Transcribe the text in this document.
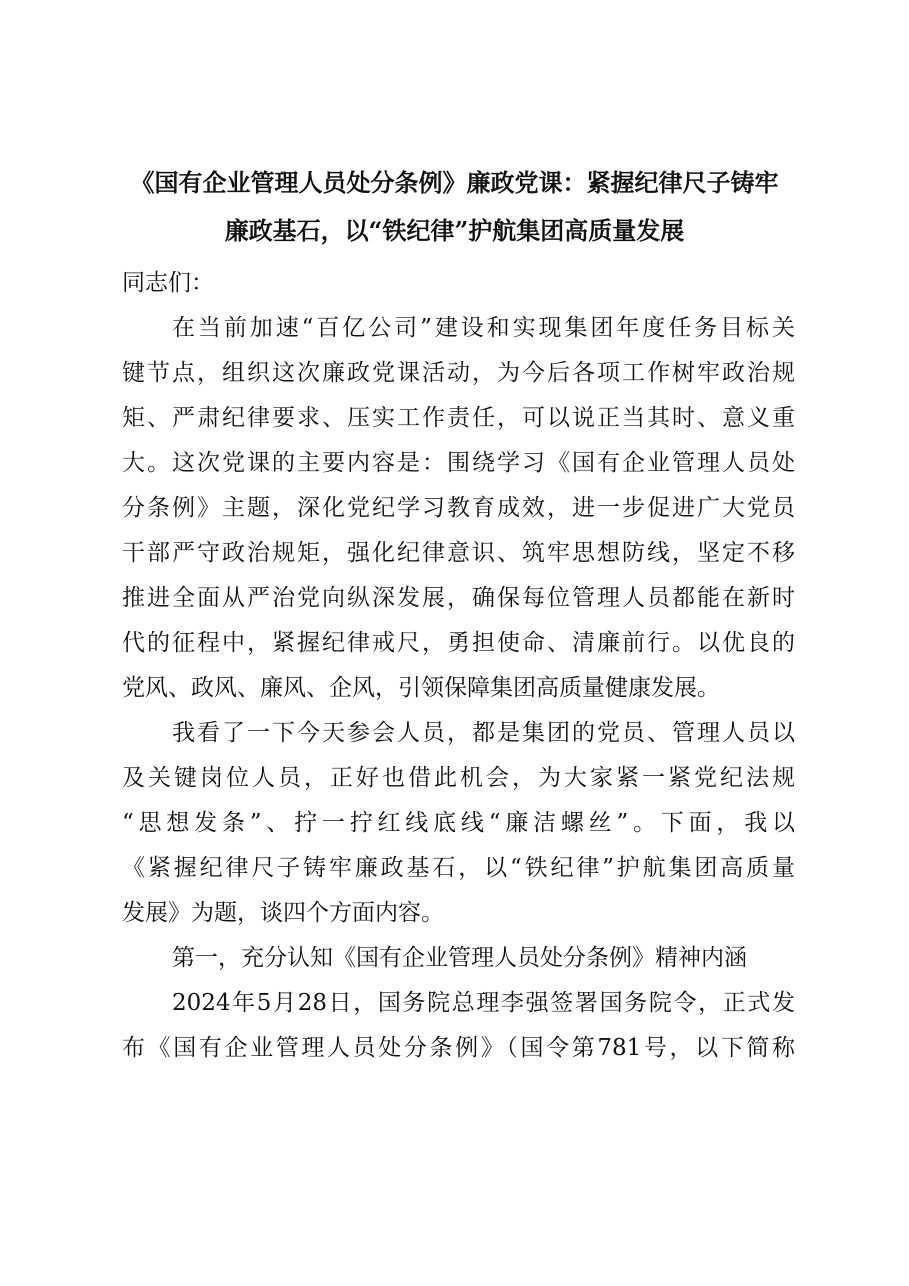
《国有企业管理人员处分条例》廉政党课：紧握纪律尺子铸牢
廉政基石，以“铁纪律”护航集团高质量发展
同志们：
在当前加速“百亿公司”建设和实现集团年度任务目标关
键节点，组织这次廉政党课活动，为今后各项工作树牢政治规
矩、严肃纪律要求、压实工作责任，可以说正当其时、意义重
大。这次党课的主要内容是：围绕学习《国有企业管理人员处
分条例》主题，深化党纪学习教育成效，进一步促进广大党员
干部严守政治规矩，强化纪律意识、筑牢思想防线，坚定不移
推进全面从严治党向纵深发展，确保每位管理人员都能在新时
代的征程中，紧握纪律戒尺，勇担使命、清廉前行。以优良的
党风、政风、廉风、企风，引领保障集团高质量健康发展。
我看了一下今天参会人员，都是集团的党员、管理人员以
及关键岗位人员，正好也借此机会，为大家紧一紧党纪法规
“思想发条”、拧一拧红线底线“廉洁螺丝”。下面，我以
《紧握纪律尺子铸牢廉政基石，以“铁纪律”护航集团高质量
发展》为题，谈四个方面内容。
第一，充分认知《国有企业管理人员处分条例》精神内涵
2024年5月28日，国务院总理李强签署国务院令，正式发
布《国有企业管理人员处分条例》（国令第781号，以下简称
